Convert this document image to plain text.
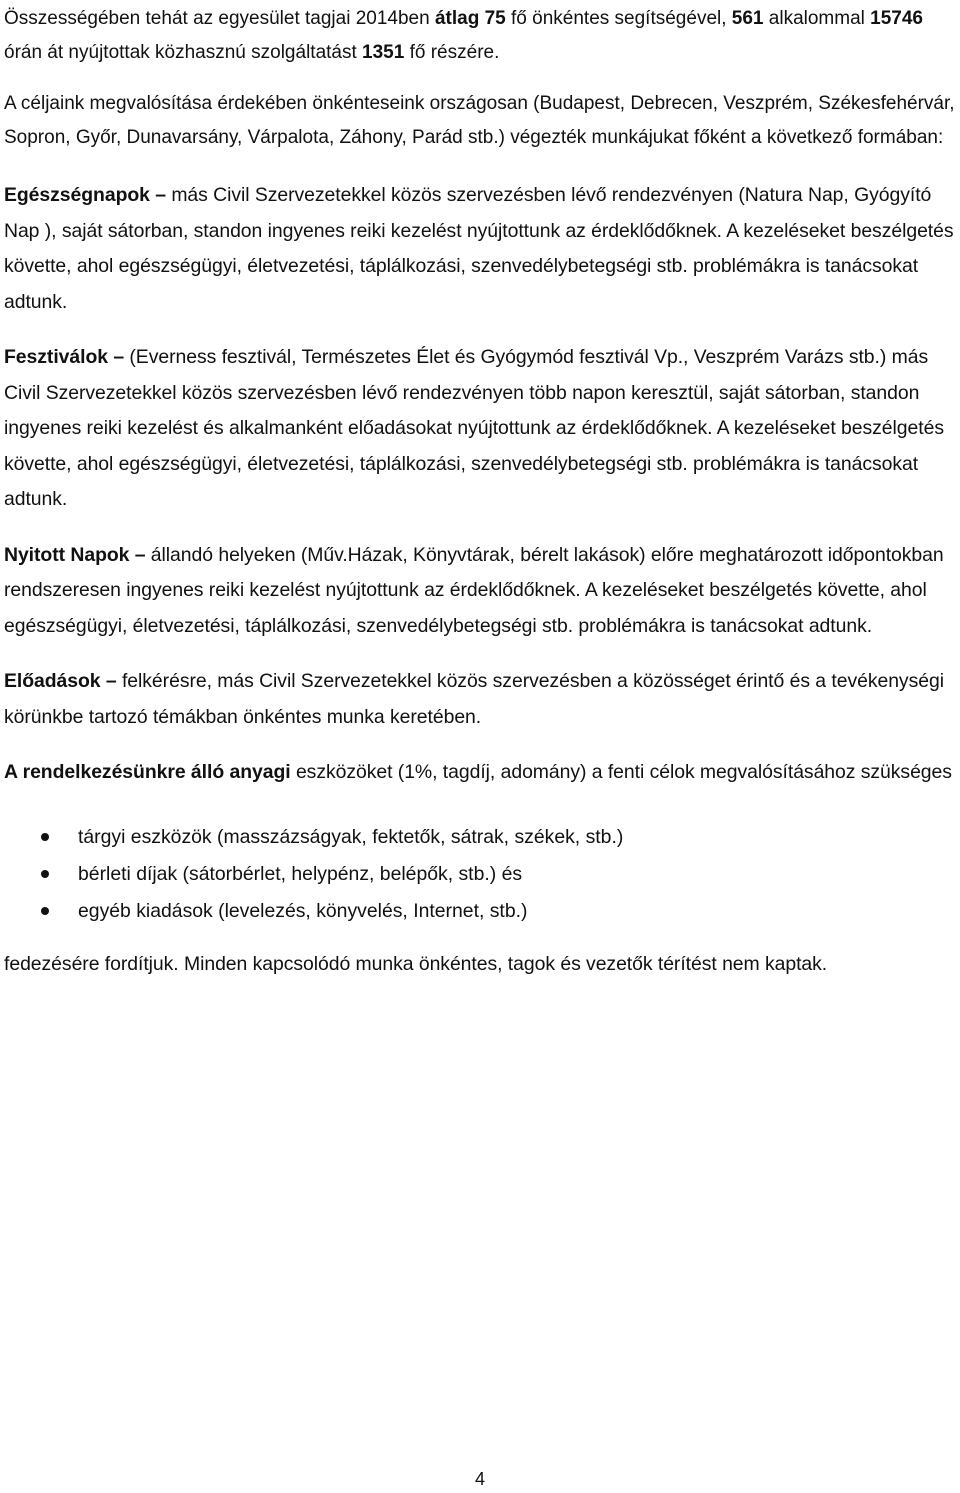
Összességében tehát az egyesület tagjai 2014ben átlag 75 fő önkéntes segítségével, 561 alkalommal 15746 órán át nyújtottak közhasznú szolgáltatást 1351 fő részére.

A céljaink megvalósítása érdekében önkénteseink országosan (Budapest, Debrecen, Veszprém, Székesfehérvár, Sopron, Győr, Dunavarsány, Várpalota, Záhony, Parád stb.) végezték munkájukat főként a következő formában:

Egészségnapok – más Civil Szervezetekkel közös szervezésben lévő rendezvényen (Natura Nap, Gyógyító Nap ), saját sátorban, standon ingyenes reiki kezelést nyújtottunk az érdeklődőknek. A kezeléseket beszélgetés követte, ahol egészségügyi, életvezetési, táplálkozási, szenvedélybetegségi stb. problémákra is tanácsokat adtunk.

Fesztiválok – (Everness fesztivál, Természetes Élet és Gyógymód fesztivál Vp., Veszprém Varázs stb.) más Civil Szervezetekkel közös szervezésben lévő rendezvényen több napon keresztül, saját sátorban, standon ingyenes reiki kezelést és alkalmanként előadásokat nyújtottunk az érdeklődőknek. A kezeléseket beszélgetés követte, ahol egészségügyi, életvezetési, táplálkozási, szenvedélybetegségi stb. problémákra is tanácsokat adtunk.

Nyitott Napok – állandó helyeken (Műv.Házak, Könyvtárak, bérelt lakások) előre meghatározott időpontokban rendszeresen ingyenes reiki kezelést nyújtottunk az érdeklődőknek. A kezeléseket beszélgetés követte, ahol egészségügyi, életvezetési, táplálkozási, szenvedélybetegségi stb. problémákra is tanácsokat adtunk.

Előadások – felkérésre, más Civil Szervezetekkel közös szervezésben a közösséget érintő és a tevékenységi körünkbe tartozó témákban önkéntes munka keretében.

A rendelkezésünkre álló anyagi eszközöket (1%, tagdíj, adomány) a fenti célok megvalósításához szükséges

tárgyi eszközök (masszázságyak, fektetők, sátrak, székek, stb.)
bérleti díjak (sátorbérlet, helypénz, belépők, stb.) és
egyéb kiadások (levelezés, könyvelés, Internet, stb.)

fedezésére fordítjuk. Minden kapcsolódó munka önkéntes, tagok és vezetők térítést nem kaptak.

4
